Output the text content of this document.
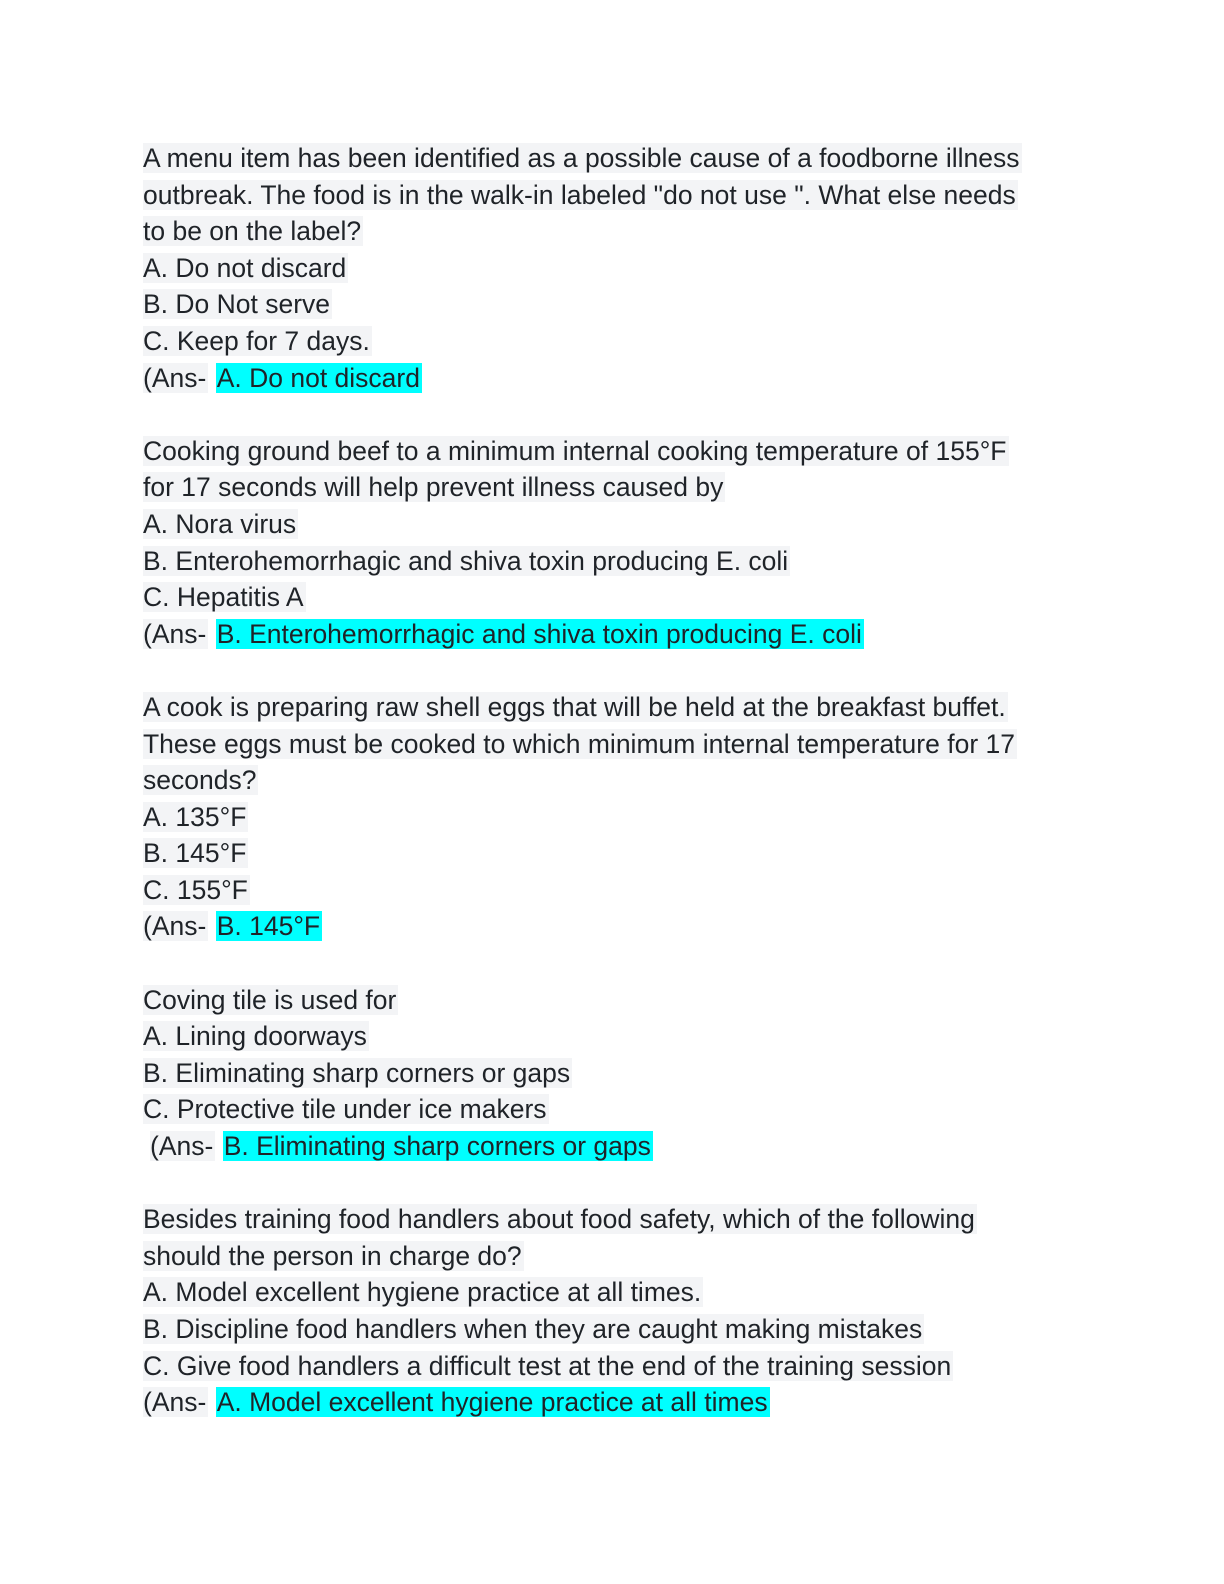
A menu item has been identified as a possible cause of a foodborne illness
outbreak. The food is in the walk-in labeled "do not use ". What else needs
to be on the label?
A. Do not discard
B. Do Not serve
C. Keep for 7 days.
(Ans- A. Do not discard
Cooking ground beef to a minimum internal cooking temperature of 155°F
for 17 seconds will help prevent illness caused by
A. Nora virus
B. Enterohemorrhagic and shiva toxin producing E. coli
C. Hepatitis A
(Ans- B. Enterohemorrhagic and shiva toxin producing E. coli
A cook is preparing raw shell eggs that will be held at the breakfast buffet.
These eggs must be cooked to which minimum internal temperature for 17
seconds?
A. 135°F
B. 145°F
C. 155°F
(Ans- B. 145°F
Coving tile is used for
A. Lining doorways
B. Eliminating sharp corners or gaps
C. Protective tile under ice makers
(Ans- B. Eliminating sharp corners or gaps
Besides training food handlers about food safety, which of the following
should the person in charge do?
A. Model excellent hygiene practice at all times.
B. Discipline food handlers when they are caught making mistakes
C. Give food handlers a difficult test at the end of the training session
(Ans- A. Model excellent hygiene practice at all times
